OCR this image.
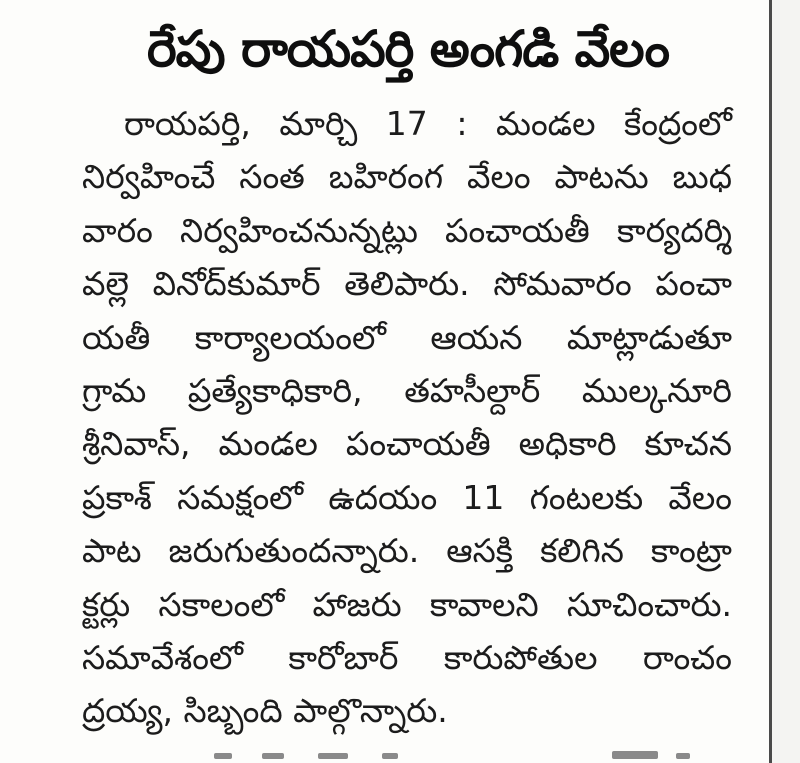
రేపు రాయపర్తి అంగడి వేలం
రాయపర్తి, మార్చి 17 : మండల కేంద్రంలో
నిర్వహించే సంత బహిరంగ వేలం పాటను బుధ
వారం నిర్వహించనున్నట్లు పంచాయతీ కార్యదర్శి
వల్లె వినోద్‌కుమార్ తెలిపారు. సోమవారం పంచా
యతీ కార్యాలయంలో ఆయన మాట్లాడుతూ
గ్రామ ప్రత్యేకాధికారి, తహసీల్దార్ ముల్కనూరి
శ్రీనివాస్, మండల పంచాయతీ అధికారి కూచన
ప్రకాశ్ సమక్షంలో ఉదయం 11 గంటలకు వేలం
పాట జరుగుతుందన్నారు. ఆసక్తి కలిగిన కాంట్రా
క్టర్లు సకాలంలో హాజరు కావాలని సూచించారు.
సమావేశంలో కారోబార్ కారుపోతుల రాంచం
ద్రయ్య, సిబ్బంది పాల్గొన్నారు.
